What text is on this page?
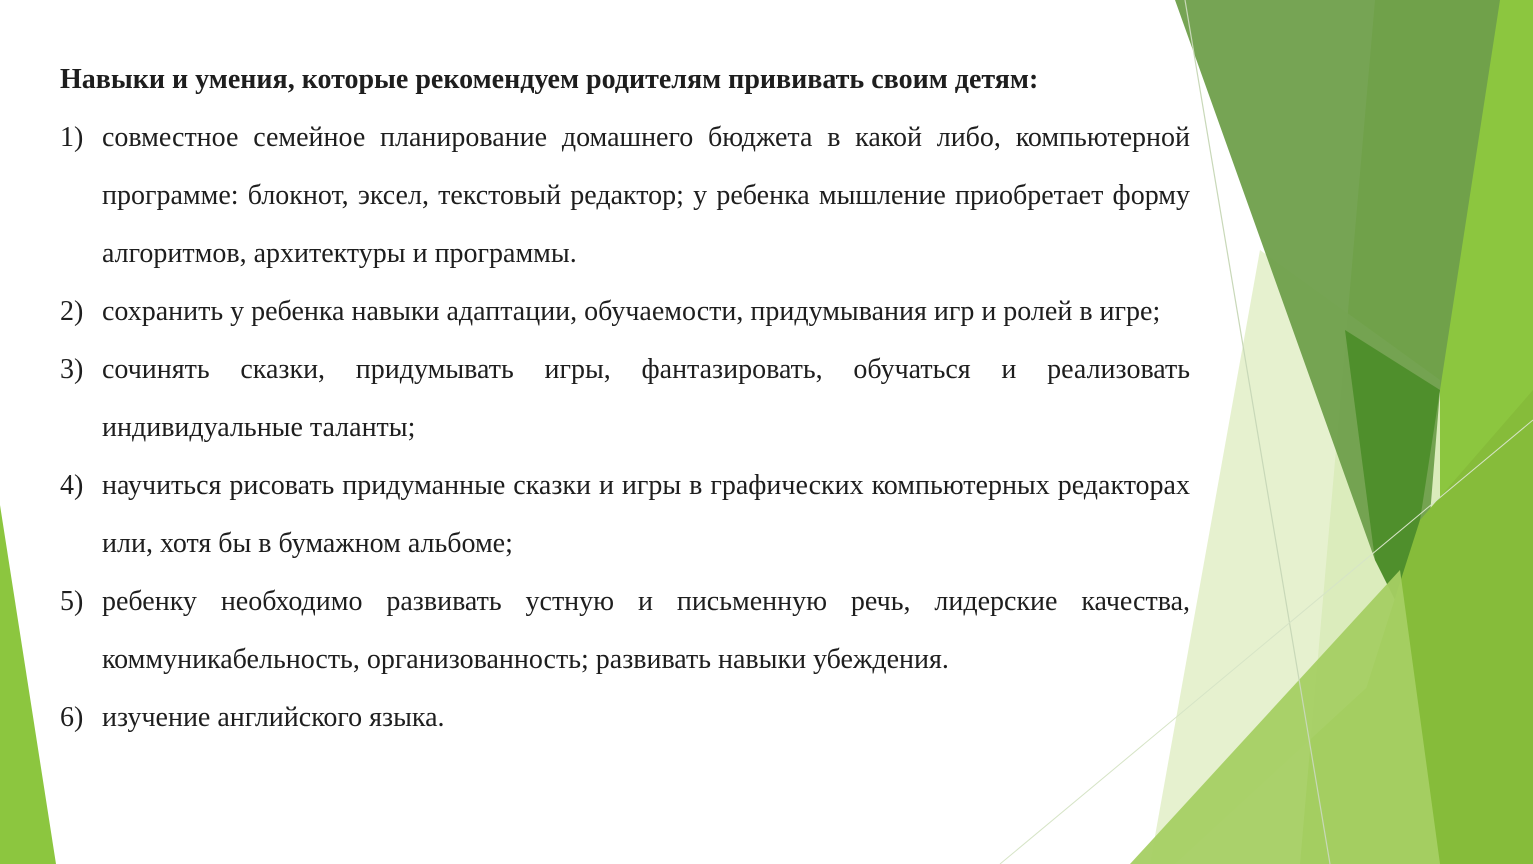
Навыки и умения, которые рекомендуем родителям прививать своим детям:
1) совместное семейное планирование домашнего бюджета в какой либо, компьютерной программе: блокнот, эксел, текстовый редактор; у ребенка мышление приобретает форму алгоритмов, архитектуры и программы.
2) сохранить у ребенка навыки адаптации, обучаемости, придумывания игр и ролей в игре;
3) сочинять сказки, придумывать игры, фантазировать, обучаться и реализовать индивидуальные таланты;
4) научиться рисовать придуманные сказки и игры в графических компьютерных редакторах или, хотя бы в бумажном альбоме;
5) ребенку необходимо развивать устную и письменную речь, лидерские качества, коммуникабельность, организованность; развивать навыки убеждения.
6) изучение английского языка.
